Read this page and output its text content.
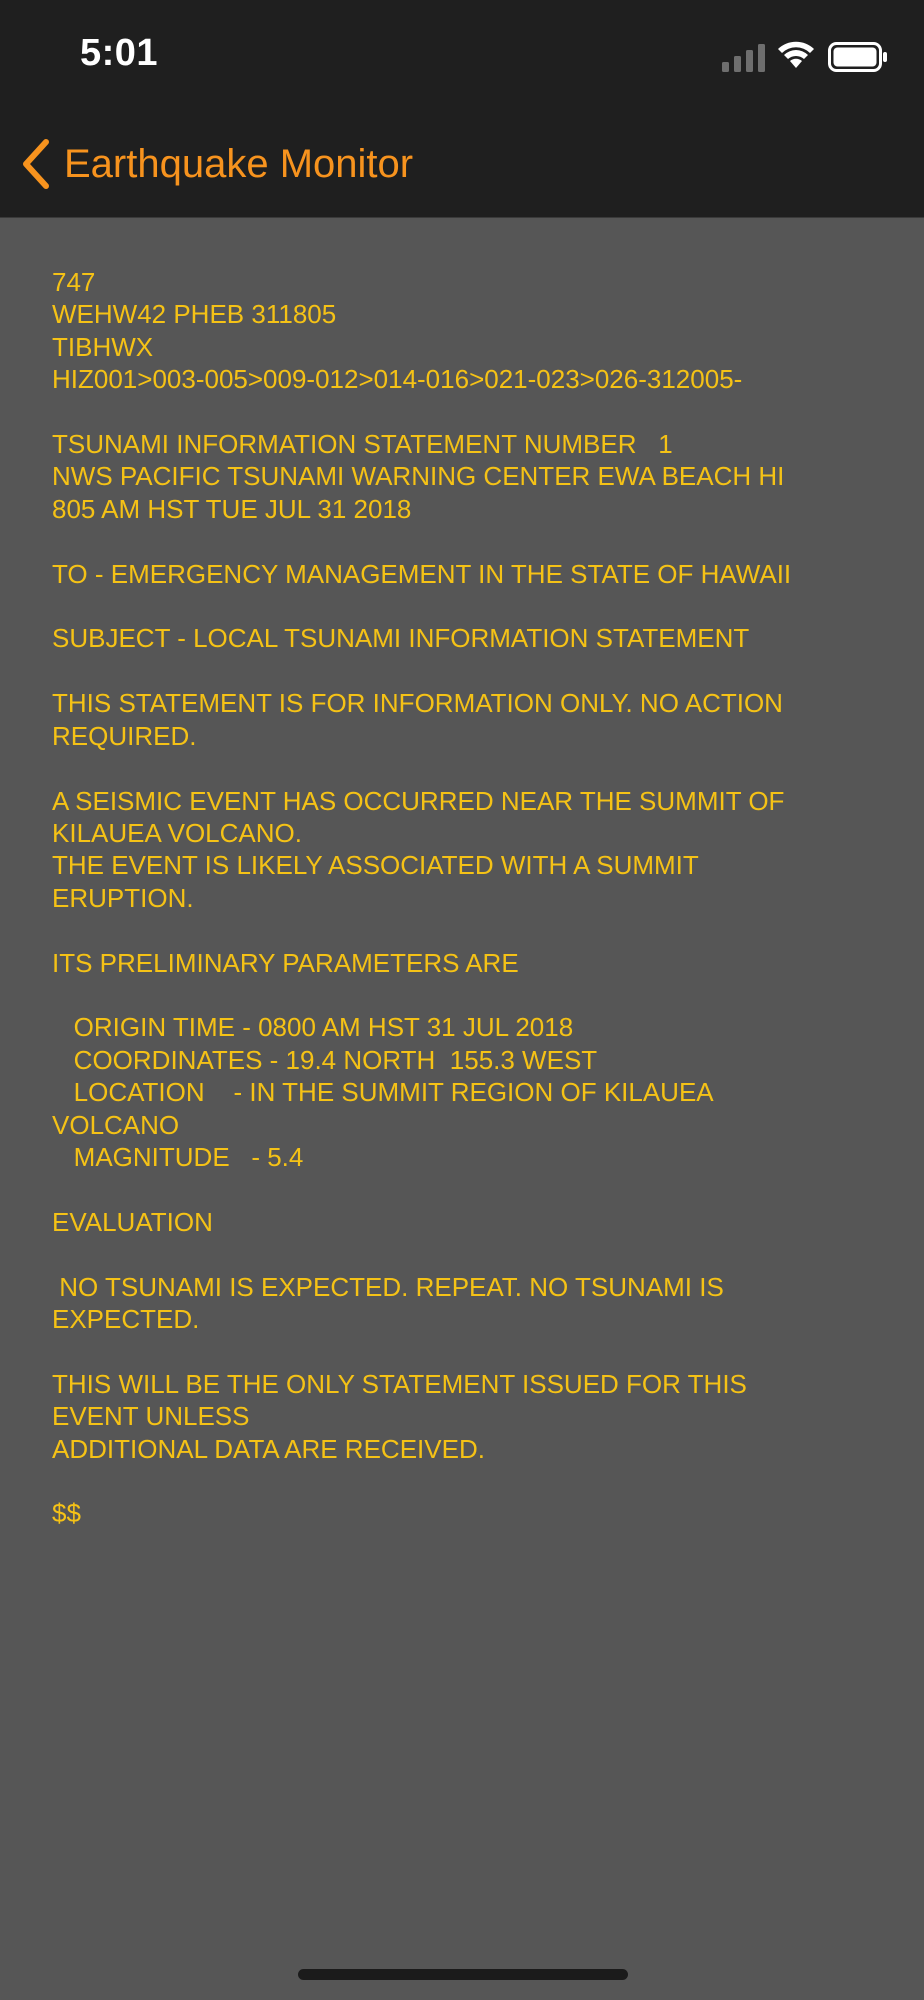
5:01
Earthquake Monitor
747
WEHW42 PHEB 311805
TIBHWX
HIZ001>003-005>009-012>014-016>021-023>026-312005-

TSUNAMI INFORMATION STATEMENT NUMBER   1
NWS PACIFIC TSUNAMI WARNING CENTER EWA BEACH HI
805 AM HST TUE JUL 31 2018

TO - EMERGENCY MANAGEMENT IN THE STATE OF HAWAII

SUBJECT - LOCAL TSUNAMI INFORMATION STATEMENT

THIS STATEMENT IS FOR INFORMATION ONLY. NO ACTION
REQUIRED.

A SEISMIC EVENT HAS OCCURRED NEAR THE SUMMIT OF
KILAUEA VOLCANO.
THE EVENT IS LIKELY ASSOCIATED WITH A SUMMIT
ERUPTION.

ITS PRELIMINARY PARAMETERS ARE

ORIGIN TIME - 0800 AM HST 31 JUL 2018
COORDINATES - 19.4 NORTH  155.3 WEST
LOCATION    - IN THE SUMMIT REGION OF KILAUEA
VOLCANO
MAGNITUDE   - 5.4

EVALUATION

NO TSUNAMI IS EXPECTED. REPEAT. NO TSUNAMI IS
EXPECTED.

THIS WILL BE THE ONLY STATEMENT ISSUED FOR THIS
EVENT UNLESS
ADDITIONAL DATA ARE RECEIVED.

$$
